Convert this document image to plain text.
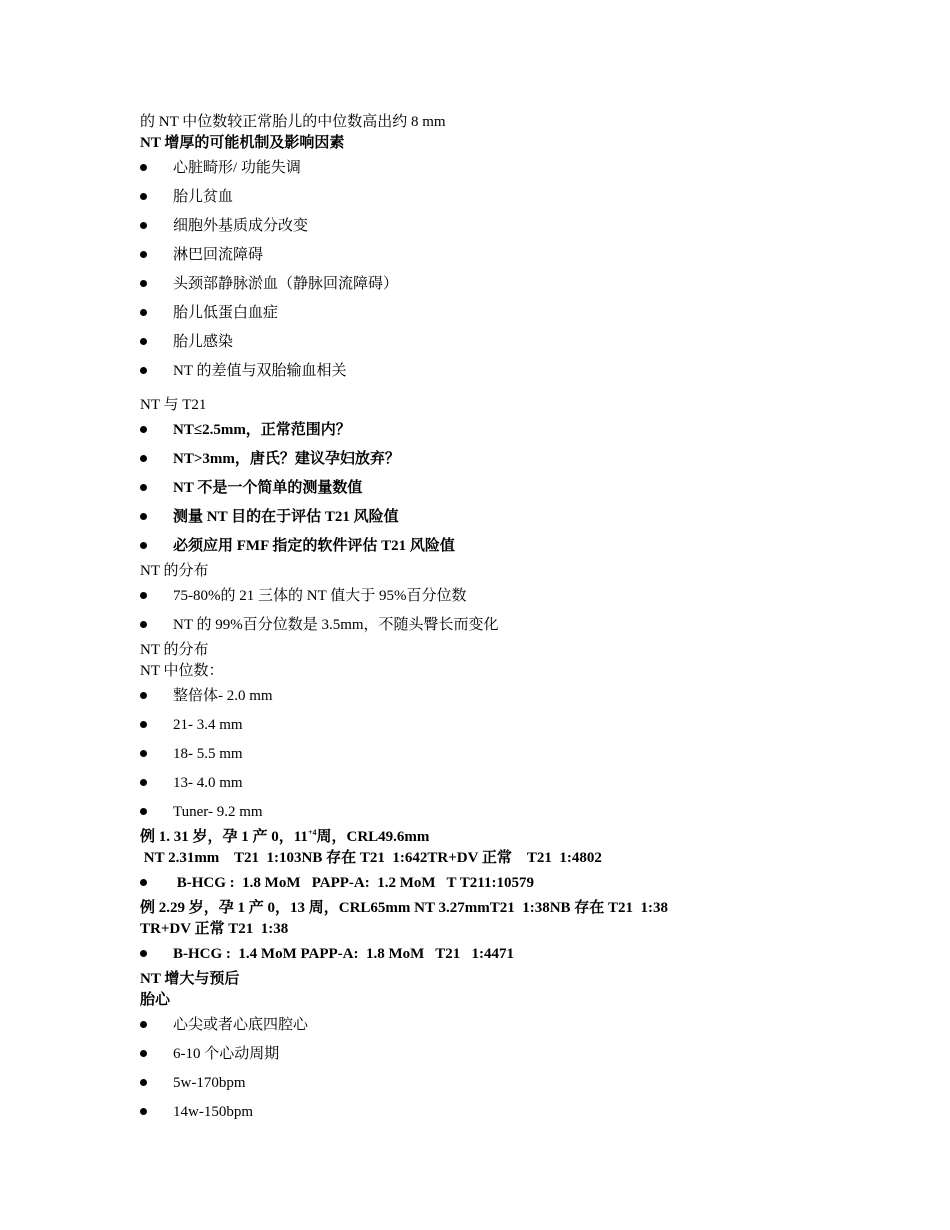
的 NT 中位数较正常胎儿的中位数高出约 8 mm
NT 增厚的可能机制及影响因素
心脏畸形/ 功能失调
胎儿贫血
细胞外基质成分改变
淋巴回流障碍
头颈部静脉淤血（静脉回流障碍）
胎儿低蛋白血症
胎儿感染
NT 的差值与双胎输血相关
NT 与 T21
NT≤2.5mm，正常范围内？
NT>3mm，唐氏？建议孕妇放弃？
NT 不是一个简单的测量数值
测量 NT 目的在于评估 T21 风险值
必须应用 FMF 指定的软件评估 T21 风险值
NT 的分布
75-80%的 21 三体的 NT 值大于 95%百分位数
NT 的 99%百分位数是 3.5mm，不随头臀长而变化
NT 的分布
NT 中位数：
整倍体- 2.0 mm
21- 3.4 mm
18- 5.5 mm
13- 4.0 mm
Tuner- 9.2 mm
例 1. 31 岁，孕 1 产 0，$11^{+4}$周，CRL49.6mm
NT 2.31mm    T21  1:103NB 存在 T21  1:642TR+DV 正常    T21  1:4802
B-HCG :  1.8 MoM   PAPP-A:  1.2 MoM   T T211:10579
例 2.29 岁，孕 1 产 0，13 周，CRL65mm NT 3.27mmT21  1:38NB 存在 T21  1:38
TR+DV 正常 T21  1:38
B-HCG :  1.4 MoM PAPP-A:  1.8 MoM   T21   1:4471
NT 增大与预后
胎心
心尖或者心底四腔心
6-10 个心动周期
5w-170bpm
14w-150bpm
